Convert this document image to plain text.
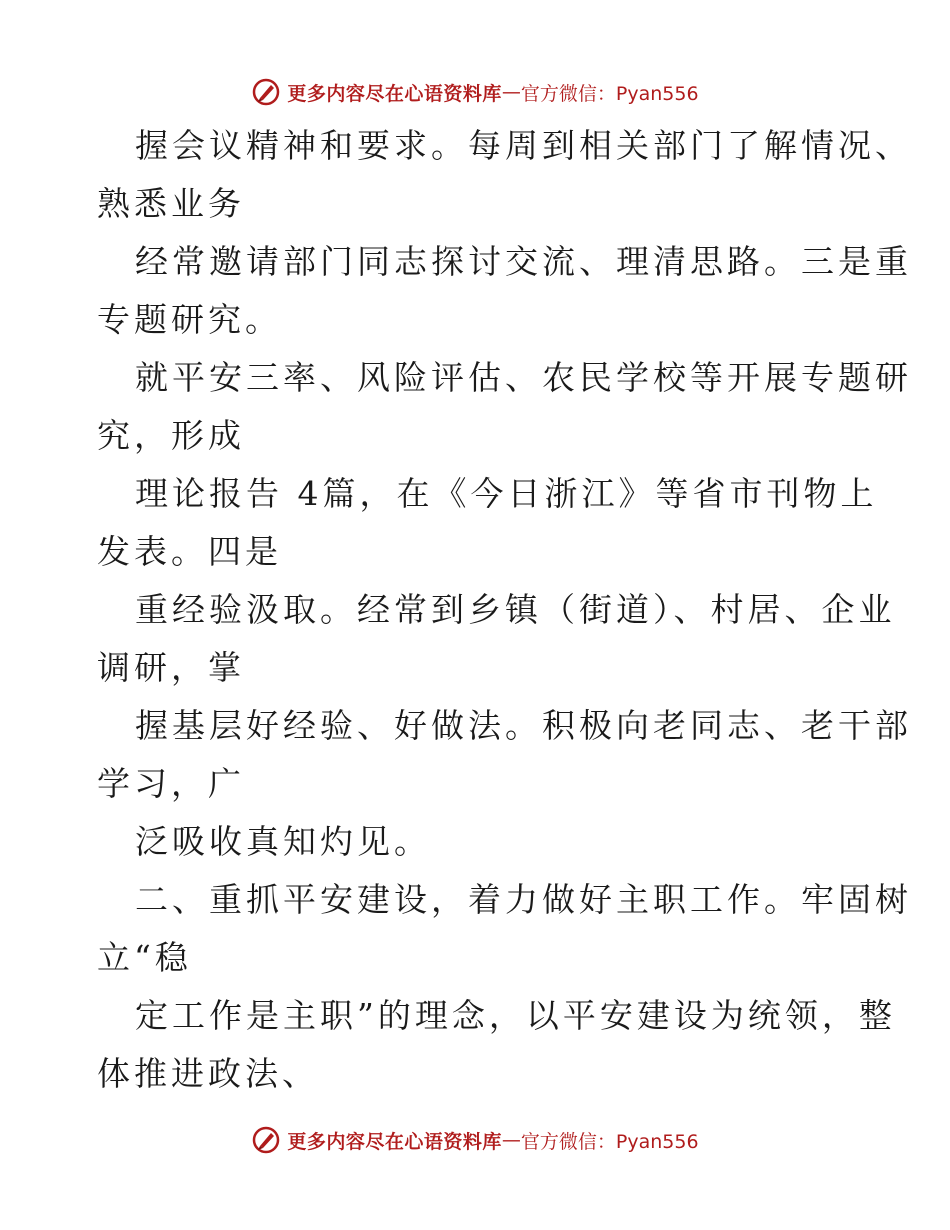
更多内容尽在心语资料库 — 官方微信：Pyan556
握会议精神和要求。每周到相关部门了解情况、
熟悉业务
经常邀请部门同志探讨交流、理清思路。三是重
专题研究。
就平安三率、风险评估、农民学校等开展专题研
究，形成
理论报告 4篇，在《今日浙江》等省市刊物上
发表。四是
重经验汲取。经常到乡镇（街道）、村居、企业
调研，掌
握基层好经验、好做法。积极向老同志、老干部
学习，广
泛吸收真知灼见。
二、重抓平安建设，着力做好主职工作。牢固树
立“稳
定工作是主职”的理念，以平安建设为统领，整
体推进政法、
更多内容尽在心语资料库 — 官方微信：Pyan556
